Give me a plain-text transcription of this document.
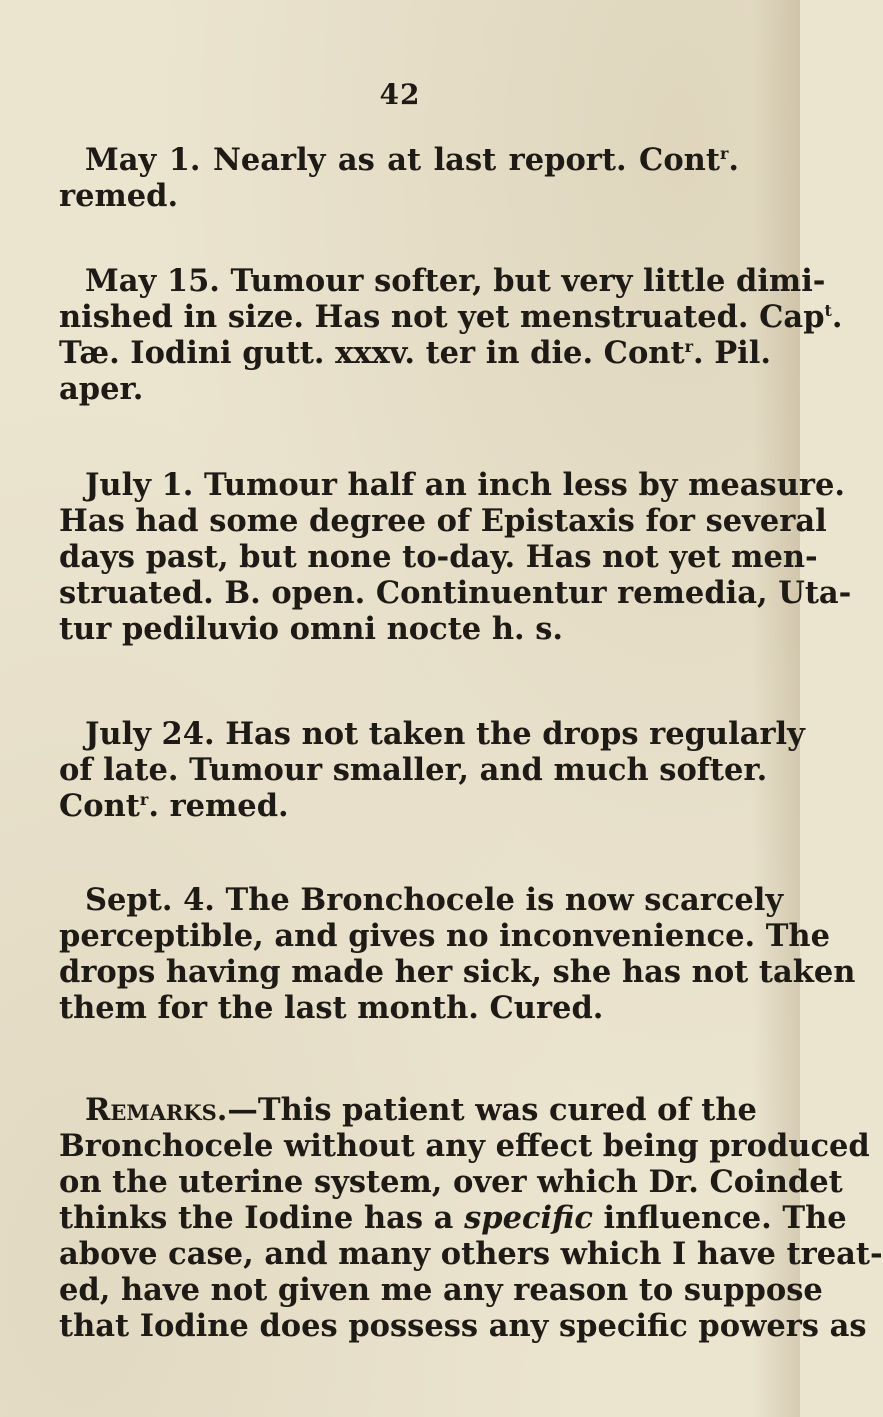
42
May 1. Nearly as at last report. Cont$^r$.
remed.
May 15. Tumour softer, but very little dimi-
nished in size. Has not yet menstruated. Cap$^t$.
Tæ. Iodini gutt. xxxv. ter in die. Cont$^r$. Pil.
aper.
July 1. Tumour half an inch less by measure.
Has had some degree of Epistaxis for several
days past, but none to-day. Has not yet men-
struated. B. open. Continuentur remedia, Uta-
tur pediluvio omni nocte h. s.
July 24. Has not taken the drops regularly
of late. Tumour smaller, and much softer.
Cont$^r$. remed.
Sept. 4. The Bronchocele is now scarcely
perceptible, and gives no inconvenience. The
drops having made her sick, she has not taken
them for the last month. Cured.
Remarks.—This patient was cured of the
Bronchocele without any effect being produced
on the uterine system, over which Dr. Coindet
thinks the Iodine has a specific influence. The
above case, and many others which I have treat-
ed, have not given me any reason to suppose
that Iodine does possess any specific powers as
